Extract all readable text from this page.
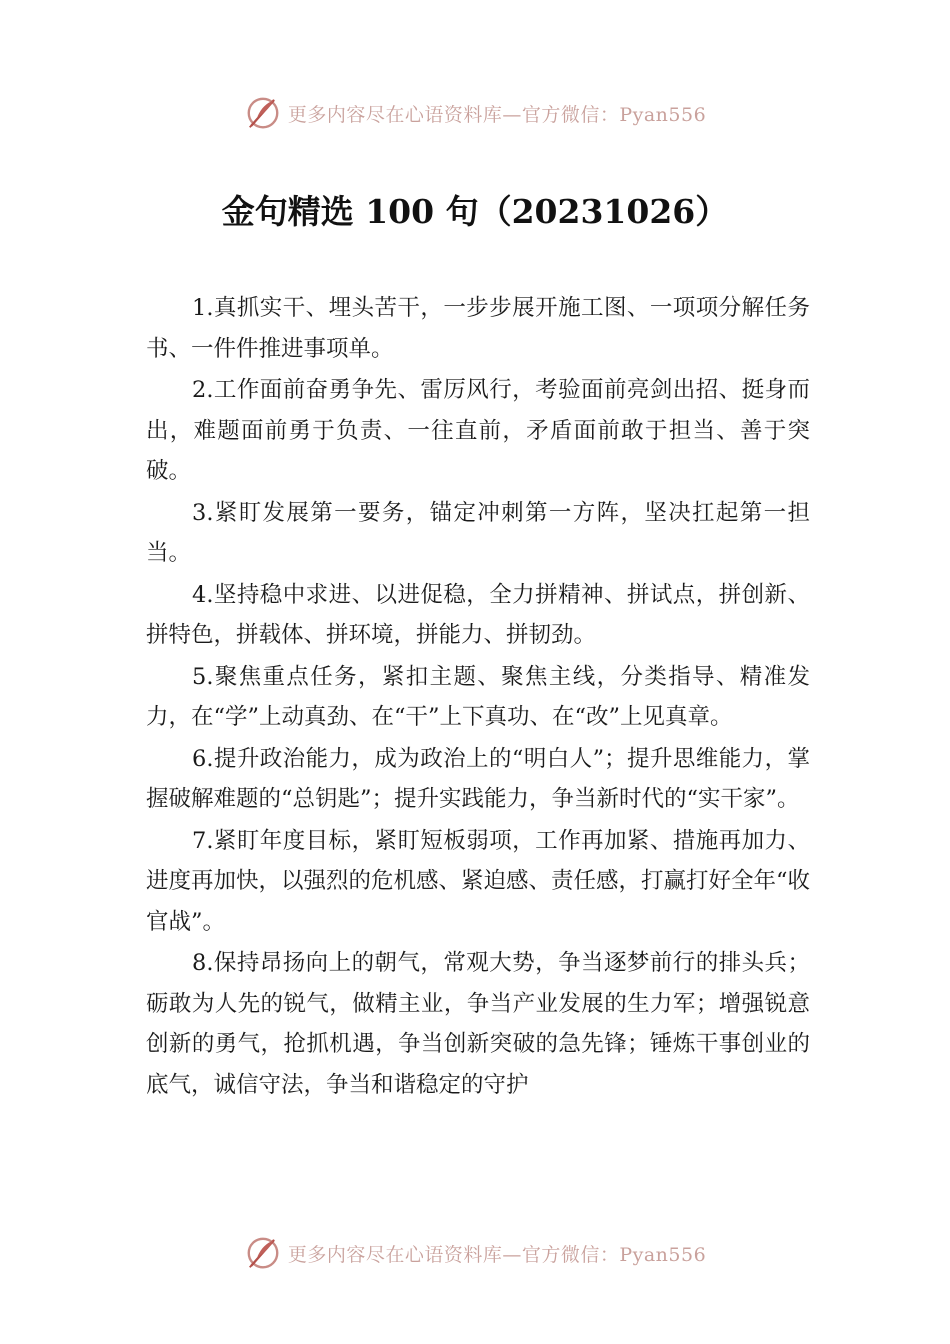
更多内容尽在心语资料库—官方微信：Pyan556
金句精选 100 句（20231026）

1.真抓实干、埋头苦干，一步步展开施工图、一项项分解任务书、一件件推进事项单。

2.工作面前奋勇争先、雷厉风行，考验面前亮剑出招、挺身而出，难题面前勇于负责、一往直前，矛盾面前敢于担当、善于突破。

3.紧盯发展第一要务，锚定冲刺第一方阵，坚决扛起第一担当。

4.坚持稳中求进、以进促稳，全力拼精神、拼试点，拼创新、拼特色，拼载体、拼环境，拼能力、拼韧劲。

5.聚焦重点任务，紧扣主题、聚焦主线，分类指导、精准发力，在“学”上动真劲、在“干”上下真功、在“改”上见真章。

6.提升政治能力，成为政治上的“明白人”；提升思维能力，掌握破解难题的“总钥匙”；提升实践能力，争当新时代的“实干家”。

7.紧盯年度目标，紧盯短板弱项，工作再加紧、措施再加力、进度再加快，以强烈的危机感、紧迫感、责任感，打赢打好全年“收官战”。

8.保持昂扬向上的朝气，常观大势，争当逐梦前行的排头兵；砺敢为人先的锐气，做精主业，争当产业发展的生力军；增强锐意创新的勇气，抢抓机遇，争当创新突破的急先锋；锤炼干事创业的底气，诚信守法，争当和谐稳定的守护

更多内容尽在心语资料库—官方微信：Pyan556
